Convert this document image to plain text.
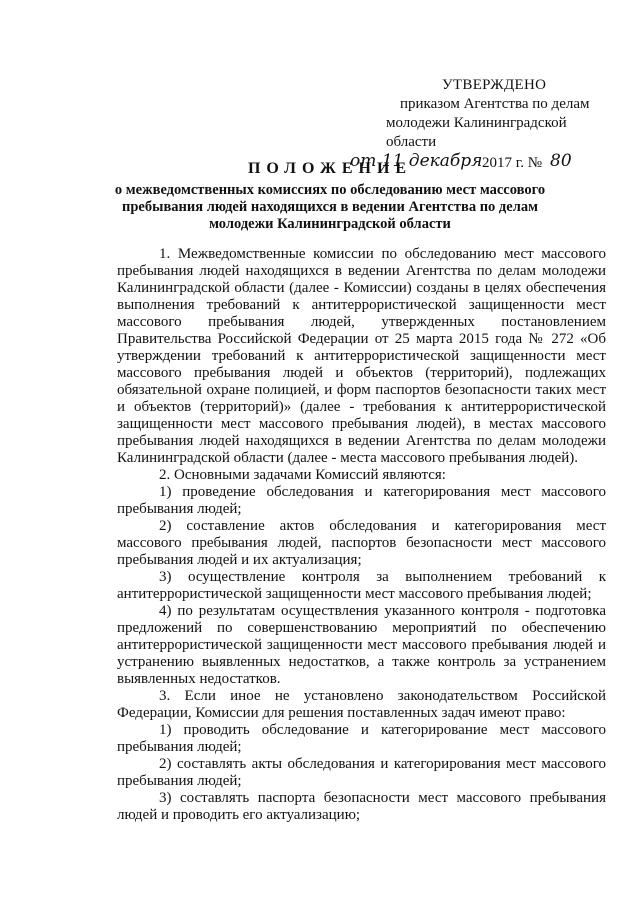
УТВЕРЖДЕНО
приказом Агентства по делам
молодежи Калининградской области
от 11 декабря 2017 г. № 80
ПОЛОЖЕНИЕ
о межведомственных комиссиях по обследованию мест массового пребывания людей находящихся в ведении Агентства по делам молодежи Калининградской области

1. Межведомственные комиссии по обследованию мест массового пребывания людей находящихся в ведении Агентства по делам молодежи Калининградской области (далее - Комиссии) созданы в целях обеспечения выполнения требований к антитеррористической защищенности мест массового пребывания людей, утвержденных постановлением Правительства Российской Федерации от 25 марта 2015 года № 272 «Об утверждении требований к антитеррористической защищенности мест массового пребывания людей и объектов (территорий), подлежащих обязательной охране полицией, и форм паспортов безопасности таких мест и объектов (территорий)» (далее - требования к антитеррористической защищенности мест массового пребывания людей), в местах массового пребывания людей находящихся в ведении Агентства по делам молодежи Калининградской области (далее - места массового пребывания людей).

2. Основными задачами Комиссий являются:

1) проведение обследования и категорирования мест массового пребывания людей;

2) составление актов обследования и категорирования мест массового пребывания людей, паспортов безопасности мест массового пребывания людей и их актуализация;

3) осуществление контроля за выполнением требований к антитеррористической защищенности мест массового пребывания людей;

4) по результатам осуществления указанного контроля - подготовка предложений по совершенствованию мероприятий по обеспечению антитеррористической защищенности мест массового пребывания людей и устранению выявленных недостатков, а также контроль за устранением выявленных недостатков.

3. Если иное не установлено законодательством Российской Федерации, Комиссии для решения поставленных задач имеют право:

1) проводить обследование и категорирование мест массового пребывания людей;

2) составлять акты обследования и категорирования мест массового пребывания людей;

3) составлять паспорта безопасности мест массового пребывания людей и проводить его актуализацию;
